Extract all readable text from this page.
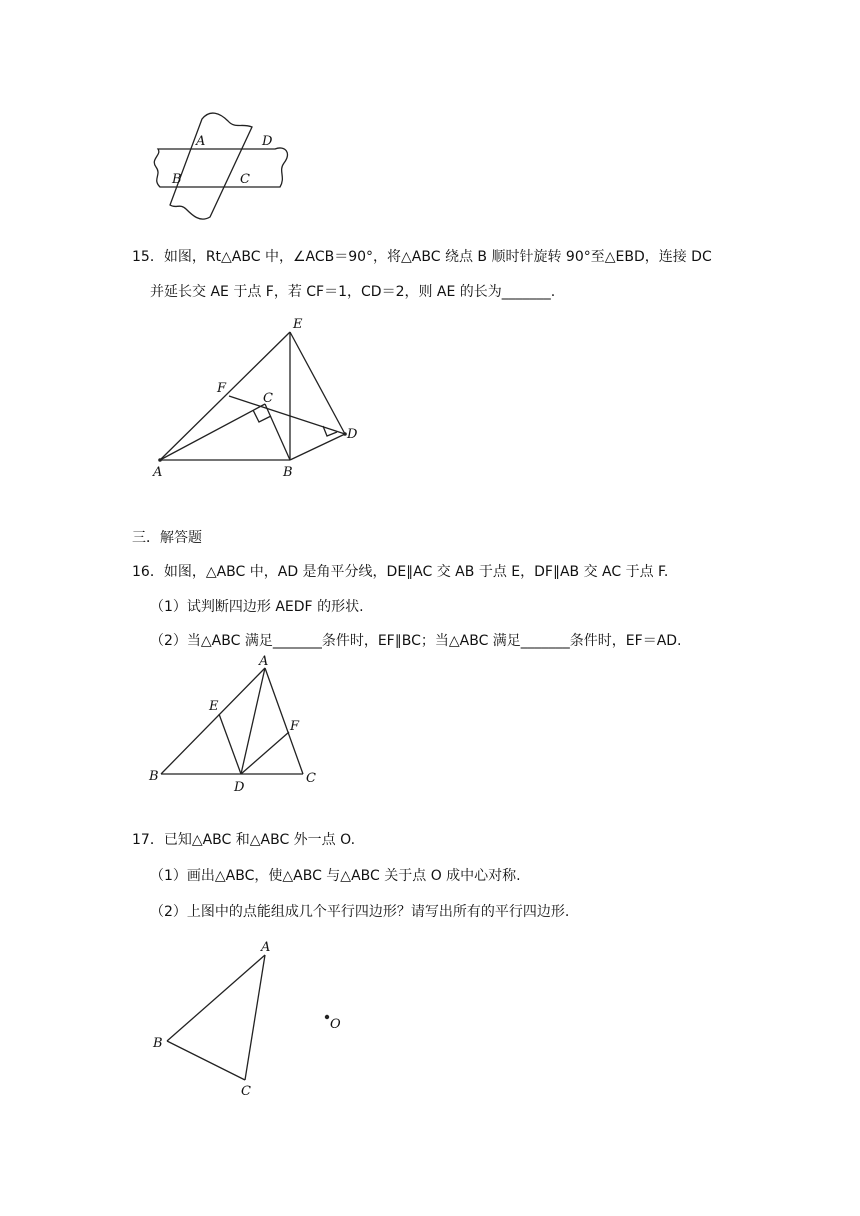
A	D
B	C
15．如图，Rt△ABC 中，∠ACB＝90°，将△ABC 绕点 B 顺时针旋转 90°至△EBD，连接 DC
并延长交 AE 于点 F，若 CF＝1，CD＝2，则 AE 的长为_______.
E
F
C
D
A	B
三．解答题
16．如图，△ABC 中，AD 是角平分线，DE∥AC 交 AB 于点 E，DF∥AB 交 AC 于点 F.
（1）试判断四边形 AEDF 的形状.
（2）当△ABC 满足_______条件时，EF∥BC；当△ABC 满足_______条件时，EF＝AD.
A
E
F
B
D
C
17．已知△ABC 和△ABC 外一点 O.
（1）画出△ABC，使△ABC 与△ABC 关于点 O 成中心对称.
（2）上图中的点能组成几个平行四边形？请写出所有的平行四边形.
A
B
C
O
